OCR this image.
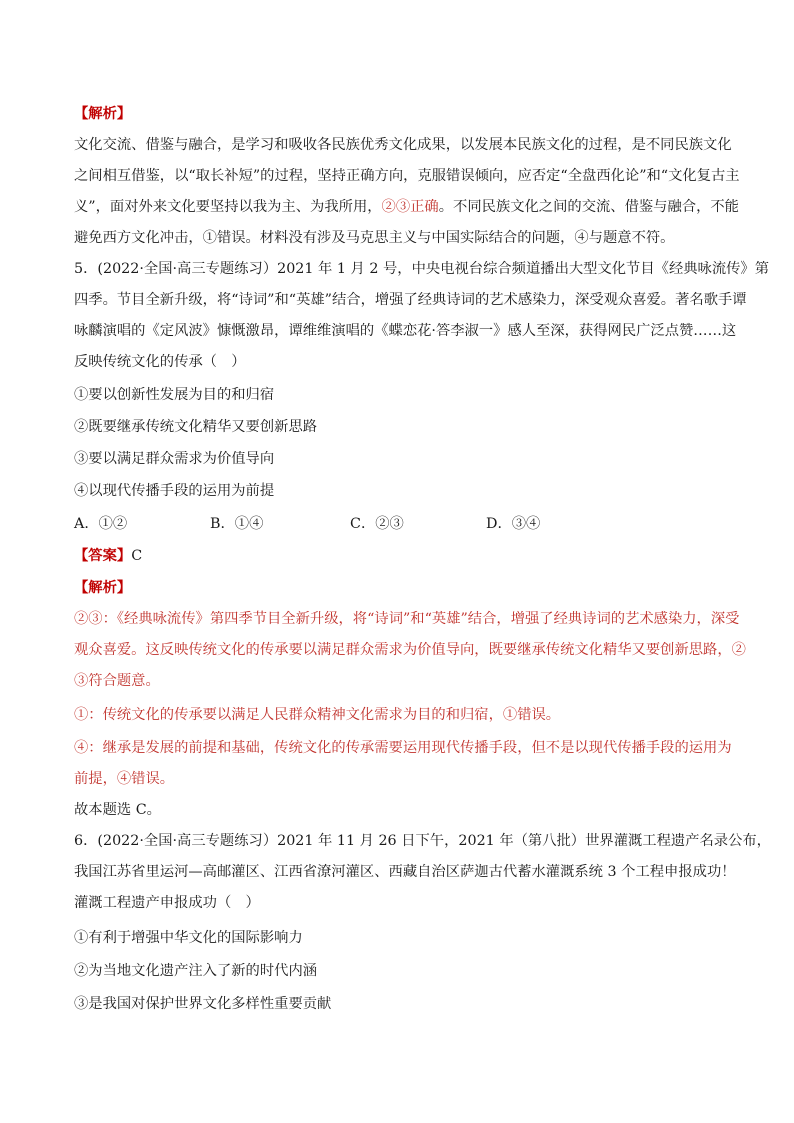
【解析】
文化交流、借鉴与融合，是学习和吸收各民族优秀文化成果，以发展本民族文化的过程，是不同民族文化
之间相互借鉴，以“取长补短”的过程，坚持正确方向，克服错误倾向，应否定“全盘西化论”和“文化复古主
义”，面对外来文化要坚持以我为主、为我所用，②③正确。不同民族文化之间的交流、借鉴与融合，不能
避免西方文化冲击，①错误。材料没有涉及马克思主义与中国实际结合的问题，④与题意不符。
5．(2022·全国·高三专题练习）2021 年 1 月 2 号，中央电视台综合频道播出大型文化节目《经典咏流传》第
四季。节目全新升级，将“诗词”和“英雄”结合，增强了经典诗词的艺术感染力，深受观众喜爱。著名歌手谭
咏麟演唱的《定风波》慷慨激昂，谭维维演唱的《蝶恋花·答李淑一》感人至深，获得网民广泛点赞……这
反映传统文化的传承（　）
①要以创新性发展为目的和归宿
②既要继承传统文化精华又要创新思路
③要以满足群众需求为价值导向
④以现代传播手段的运用为前提
A．①②	B．①④	C．②③	D．③④
【答案】C
【解析】
②③：《经典咏流传》第四季节目全新升级，将“诗词”和“英雄”结合，增强了经典诗词的艺术感染力，深受
观众喜爱。这反映传统文化的传承要以满足群众需求为价值导向，既要继承传统文化精华又要创新思路，②
③符合题意。
①：传统文化的传承要以满足人民群众精神文化需求为目的和归宿，①错误。
④：继承是发展的前提和基础，传统文化的传承需要运用现代传播手段，但不是以现代传播手段的运用为
前提，④错误。
故本题选 C。
6．(2022·全国·高三专题练习）2021 年 11 月 26 日下午，2021 年（第八批）世界灌溉工程遗产名录公布，
我国江苏省里运河—高邮灌区、江西省潦河灌区、西藏自治区萨迦古代蓄水灌溉系统 3 个工程申报成功！
灌溉工程遗产申报成功（　）
①有利于增强中华文化的国际影响力
②为当地文化遗产注入了新的时代内涵
③是我国对保护世界文化多样性重要贡献
